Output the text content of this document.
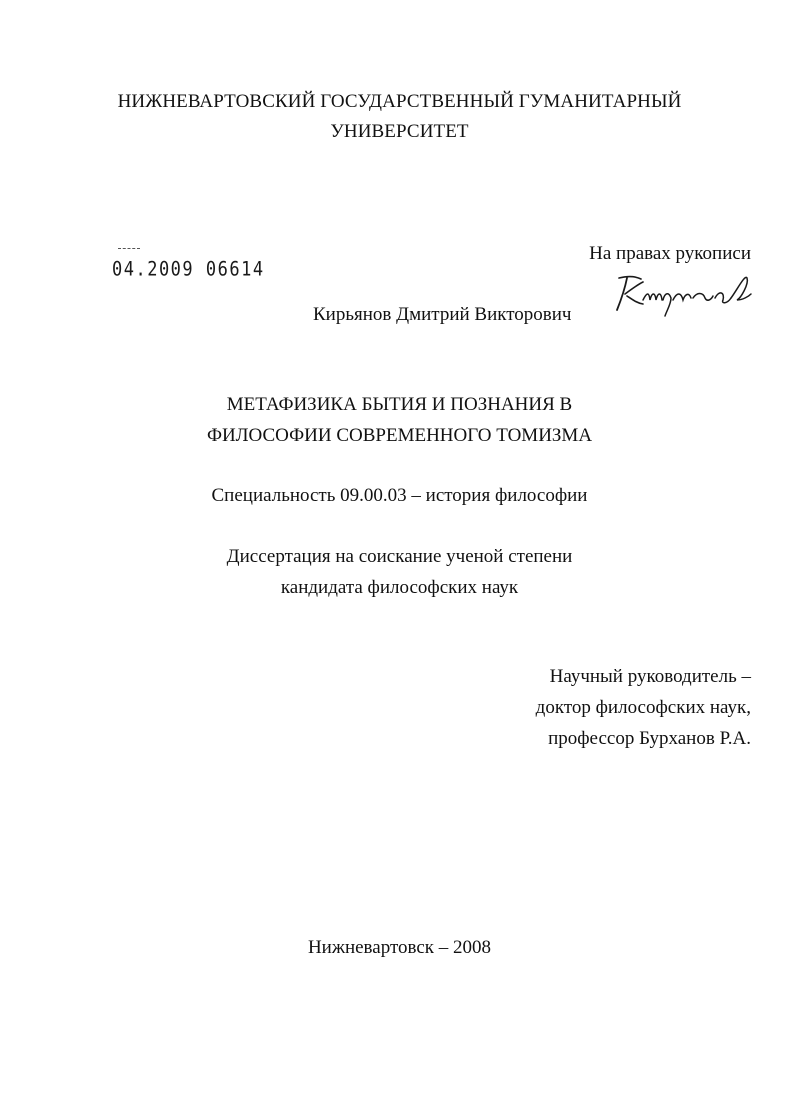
НИЖНЕВАРТОВСКИЙ ГОСУДАРСТВЕННЫЙ ГУМАНИТАРНЫЙ
УНИВЕРСИТЕТ
04.2009 06614
На правах рукописи
Кирьянов Дмитрий Викторович
МЕТАФИЗИКА БЫТИЯ И ПОЗНАНИЯ В
ФИЛОСОФИИ СОВРЕМЕННОГО ТОМИЗМА
Специальность 09.00.03 – история философии
Диссертация на соискание ученой степени
кандидата философских наук
Научный руководитель –
доктор философских наук,
профессор Бурханов Р.А.
Нижневартовск – 2008
